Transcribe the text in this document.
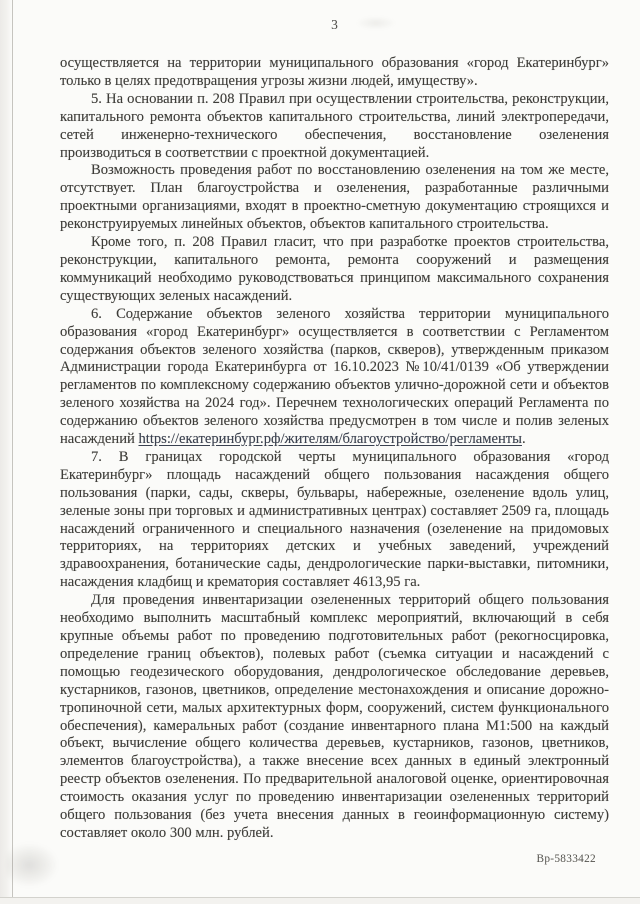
3

осуществляется на территории муниципального образования «город Екатеринбург» только в целях предотвращения угрозы жизни людей, имуществу».

5. На основании п. 208 Правил при осуществлении строительства, реконструкции, капитального ремонта объектов капитального строительства, линий электропередачи, сетей инженерно-технического обеспечения, восстановление озеленения производиться в соответствии с проектной документацией.

Возможность проведения работ по восстановлению озеленения на том же месте, отсутствует. План благоустройства и озеленения, разработанные различными проектными организациями, входят в проектно-сметную документацию строящихся и реконструируемых линейных объектов, объектов капитального строительства.

Кроме того, п. 208 Правил гласит, что при разработке проектов строительства, реконструкции, капитального ремонта, ремонта сооружений и размещения коммуникаций необходимо руководствоваться принципом максимального сохранения существующих зеленых насаждений.

6. Содержание объектов зеленого хозяйства территории муниципального образования «город Екатеринбург» осуществляется в соответствии с Регламентом содержания объектов зеленого хозяйства (парков, скверов), утвержденным приказом Администрации города Екатеринбурга от 16.10.2023 №10/41/0139 «Об утверждении регламентов по комплексному содержанию объектов улично-дорожной сети и объектов зеленого хозяйства на 2024 год». Перечнем технологических операций Регламента по содержанию объектов зеленого хозяйства предусмотрен в том числе и полив зеленых насаждений https://екатеринбург.рф/жителям/благоустройство/регламенты.

7. В границах городской черты муниципального образования «город Екатеринбург» площадь насаждений общего пользования насаждения общего пользования (парки, сады, скверы, бульвары, набережные, озеленение вдоль улиц, зеленые зоны при торговых и административных центрах) составляет 2509 га, площадь насаждений ограниченного и специального назначения (озеленение на придомовых территориях, на территориях детских и учебных заведений, учреждений здравоохранения, ботанические сады, дендрологические парки-выставки, питомники, насаждения кладбищ и крематория составляет 4613,95 га.

Для проведения инвентаризации озелененных территорий общего пользования необходимо выполнить масштабный комплекс мероприятий, включающий в себя крупные объемы работ по проведению подготовительных работ (рекогносцировка, определение границ объектов), полевых работ (съемка ситуации и насаждений с помощью геодезического оборудования, дендрологическое обследование деревьев, кустарников, газонов, цветников, определение местонахождения и описание дорожно-тропиночной сети, малых архитектурных форм, сооружений, систем функционального обеспечения), камеральных работ (создание инвентарного плана М1:500 на каждый объект, вычисление общего количества деревьев, кустарников, газонов, цветников, элементов благоустройства), а также внесение всех данных в единый электронный реестр объектов озеленения. По предварительной аналоговой оценке, ориентировочная стоимость оказания услуг по проведению инвентаризации озелененных территорий общего пользования (без учета внесения данных в геоинформационную систему) составляет около 300 млн. рублей.

Вр-5833422
